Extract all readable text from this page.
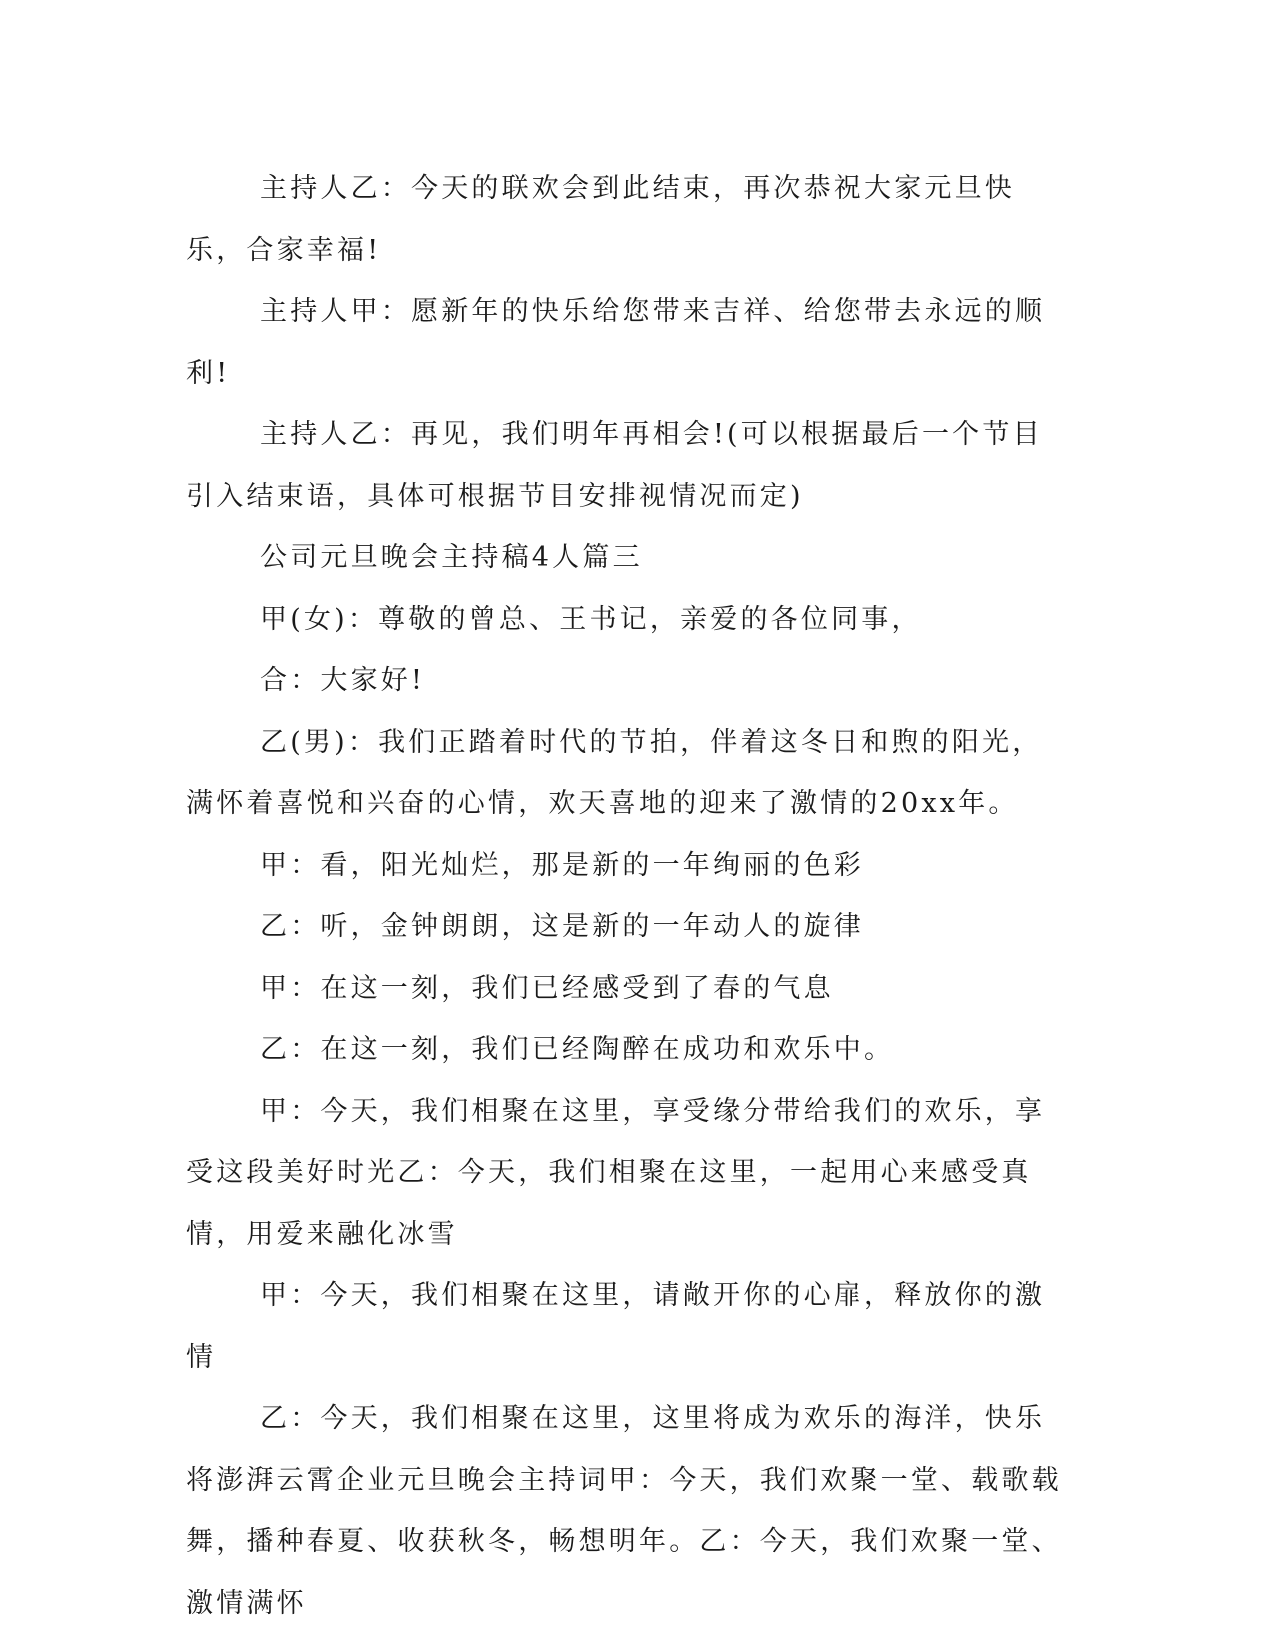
主持人乙：今天的联欢会到此结束，再次恭祝大家元旦快乐，合家幸福!

主持人甲：愿新年的快乐给您带来吉祥、给您带去永远的顺利!

主持人乙：再见，我们明年再相会!(可以根据最后一个节目引入结束语，具体可根据节目安排视情况而定)

公司元旦晚会主持稿4人篇三

甲(女)：尊敬的曾总、王书记，亲爱的各位同事，

合：大家好!

乙(男)：我们正踏着时代的节拍，伴着这冬日和煦的阳光，满怀着喜悦和兴奋的心情，欢天喜地的迎来了激情的20xx年。

甲：看，阳光灿烂，那是新的一年绚丽的色彩

乙：听，金钟朗朗，这是新的一年动人的旋律

甲：在这一刻，我们已经感受到了春的气息

乙：在这一刻，我们已经陶醉在成功和欢乐中。

甲：今天，我们相聚在这里，享受缘分带给我们的欢乐，享受这段美好时光乙：今天，我们相聚在这里，一起用心来感受真情，用爱来融化冰雪

甲：今天，我们相聚在这里，请敞开你的心扉，释放你的激情

乙：今天，我们相聚在这里，这里将成为欢乐的海洋，快乐将澎湃云霄企业元旦晚会主持词甲：今天，我们欢聚一堂、载歌载舞，播种春夏、收获秋冬，畅想明年。乙：今天，我们欢聚一堂、激情满怀
